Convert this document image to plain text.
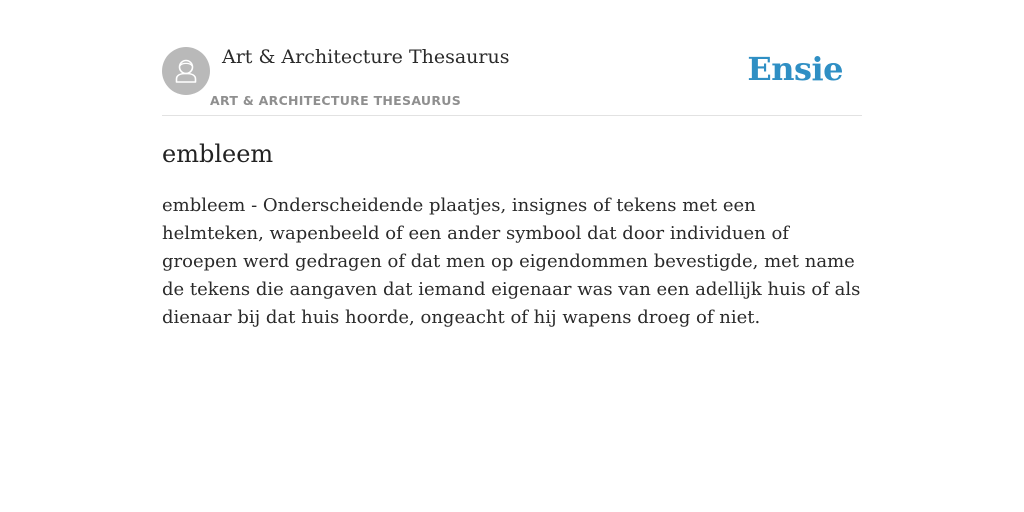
Art & Architecture Thesaurus
ART & ARCHITECTURE THESAURUS
Ensie
embleem

embleem - Onderscheidende plaatjes, insignes of tekens met een helmteken, wapenbeeld of een ander symbool dat door individuen of groepen werd gedragen of dat men op eigendommen bevestigde, met name de tekens die aangaven dat iemand eigenaar was van een adellijk huis of als dienaar bij dat huis hoorde, ongeacht of hij wapens droeg of niet.
